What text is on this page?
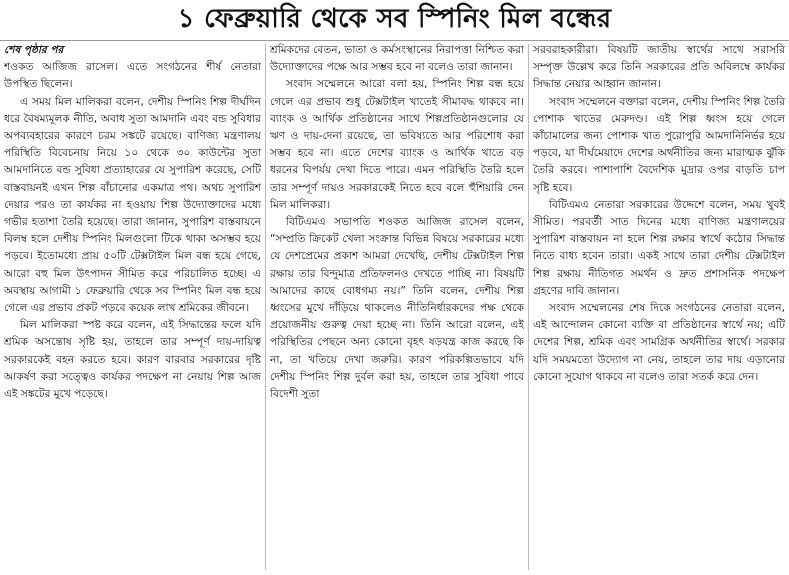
১ ফেব্রুয়ারি থেকে সব স্পিনিং মিল বন্ধের

শেষ পৃষ্ঠার পর

শওকত আজিজ রাসেল। এতে সংগঠনের শীর্ষ নেতারা উপস্থিত ছিলেন।

এ সময় মিল মালিকরা বলেন, দেশীয় স্পিনিং শিল্প দীর্ঘদিন ধরে বৈষম্যমূলক নীতি, অবাধ সুতা আমদানি এবং বন্ড সুবিধার অপব্যবহারের কারণে চরম সঙ্কটে রয়েছে। বাণিজ্য মন্ত্রণালয় পরিস্থিতি বিবেচনায় নিয়ে ১০ থেকে ৩০ কাউন্টের সুতা আমদানিতে বন্ড সুবিধা প্রত্যাহারের যে সুপারিশ করেছে, সেটি বাস্তবায়নই এখন শিল্প বাঁচানোর একমাত্র পথ। অথচ সুপারিশ দেয়ার পরও তা কার্যকর না হওয়ায় শিল্প উদ্যোক্তাদের মধ্যে গভীর হতাশা তৈরি হয়েছে। তারা জানান, সুপারিশ বাস্তবায়নে বিলম্ব হলে দেশীয় স্পিনিং মিলগুলো টিকে থাকা অসম্ভব হয়ে পড়বে। ইতোমধ্যে প্রায় ৫০টি টেক্সটাইল মিল বন্ধ হয়ে গেছে, আরো বহু মিল উৎপাদন সীমিত করে পরিচালিত হচ্ছে। এ অবস্থায় আগামী ১ ফেব্রুয়ারি থেকে সব স্পিনিং মিল বন্ধ হয়ে গেলে এর প্রভাব প্রকট পড়বে কয়েক লাখ শ্রমিকের জীবনে।

মিল মালিকরা স্পষ্ট করে বলেন, এই সিদ্ধান্তের ফলে যদি শ্রমিক অসন্তোষ সৃষ্টি হয়, তাহলে তার সম্পূর্ণ দায়-দায়িত্ব সরকারকেই বহন করতে হবে। কারণ বারবার সরকারের দৃষ্টি আকর্ষণ করা সত্ত্বেও কার্যকর পদক্ষেপ না নেয়ায় শিল্প আজ এই সঙ্কটের মুখে পড়েছে।

শ্রমিকদের বেতন, ভাতা ও কর্মসংস্থানের নিরাপত্তা নিশ্চিত করা উদ্যোক্তাদের পক্ষে আর সম্ভব হবে না বলেও তারা জানান।

সংবাদ সম্মেলনে আরো বলা হয়, স্পিনিং শিল্প বন্ধ হয়ে গেলে এর প্রভাব শুধু টেক্সটাইল খাতেই সীমাবদ্ধ থাকবে না। ব্যাংক ও আর্থিক প্রতিষ্ঠানের সাথে শিল্পপ্রতিষ্ঠানগুলোর যে ঋণ ও দায়-দেনা রয়েছে, তা ভবিষ্যতে আর পরিশোধ করা সম্ভব হবে না। এতে দেশের ব্যাংক ও আর্থিক খাতে বড় ধরনের বিপর্যয় দেখা দিতে পারে। এমন পরিস্থিতি তৈরি হলে তার সম্পূর্ণ দায়ও সরকারকেই নিতে হবে বলে হুঁশিয়ারি দেন মিল মালিকরা।

বিটিএমএ সভাপতি শওকত আজিজ রাসেল বলেন, “সম্প্রতি ক্রিকেট খেলা সংক্রান্ত বিভিন্ন বিষয়ে সরকারের মধ্যে যে দেশপ্রেমের প্রকাশ আমরা দেখেছি, দেশীয় টেক্সটাইল শিল্প রক্ষায় তার বিন্দুমাত্র প্রতিফলনও দেখতে পাচ্ছি না। বিষয়টি আমাদের কাছে বোধগম্য নয়।” তিনি বলেন, দেশীয় শিল্প ধ্বংসের মুখে দাঁড়িয়ে থাকলেও নীতিনির্ধারকদের পক্ষ থেকে প্রয়োজনীয় গুরুত্ব দেয়া হচ্ছে না। তিনি আরো বলেন, এই পরিস্থিতির পেছনে অন্য কোনো বৃহৎ ষড়যন্ত্র কাজ করছে কি না, তা খতিয়ে দেখা জরুরি। কারণ পরিকল্পিতভাবে যদি দেশীয় স্পিনিং শিল্প দুর্বল করা হয়, তাহলে তার সুবিধা পাবে বিদেশী সুতা

সরবরাহকারীরা। বিষয়টি জাতীয় স্বার্থের সাথে সরাসরি সম্পৃক্ত উল্লেখ করে তিনি সরকারের প্রতি অবিলম্বে কার্যকর সিদ্ধান্ত নেয়ার আহ্বান জানান।

সংবাদ সম্মেলনে বক্তারা বলেন, দেশীয় স্পিনিং শিল্প তৈরি পোশাক খাতের মেরুদণ্ড। এই শিল্প ধ্বংস হয়ে গেলে কাঁচামালের জন্য পোশাক খাত পুরোপুরি আমদানিনির্ভর হয়ে পড়বে, যা দীর্ঘমেয়াদে দেশের অর্থনীতির জন্য মারাত্মক ঝুঁকি তৈরি করবে। পাশাপাশি বৈদেশিক মুদ্রার ওপর বাড়তি চাপ সৃষ্টি হবে।

বিটিএমএ নেতারা সরকারের উদ্দেশে বলেন, সময় খুবই সীমিত। পরবর্তী সাত দিনের মধ্যে বাণিজ্য মন্ত্রণালয়ের সুপারিশ বাস্তবায়ন না হলে শিল্প রক্ষার স্বার্থে কঠোর সিদ্ধান্ত নিতে বাধ্য হবেন তারা। একই সাথে তারা দেশীয় টেক্সটাইল শিল্প রক্ষায় নীতিগত সমর্থন ও দ্রুত প্রশাসনিক পদক্ষেপ গ্রহণের দাবি জানান।

সংবাদ সম্মেলনের শেষ দিকে সংগঠনের নেতারা বলেন, এই আন্দোলন কোনো ব্যক্তি বা প্রতিষ্ঠানের স্বার্থে নয়; এটি দেশের শিল্প, শ্রমিক এবং সামগ্রিক অর্থনীতির স্বার্থে। সরকার যদি সময়মতো উদ্যোগ না নেয়, তাহলে তার দায় এড়ানোর কোনো সুযোগ থাকবে না বলেও তারা সতর্ক করে দেন।
